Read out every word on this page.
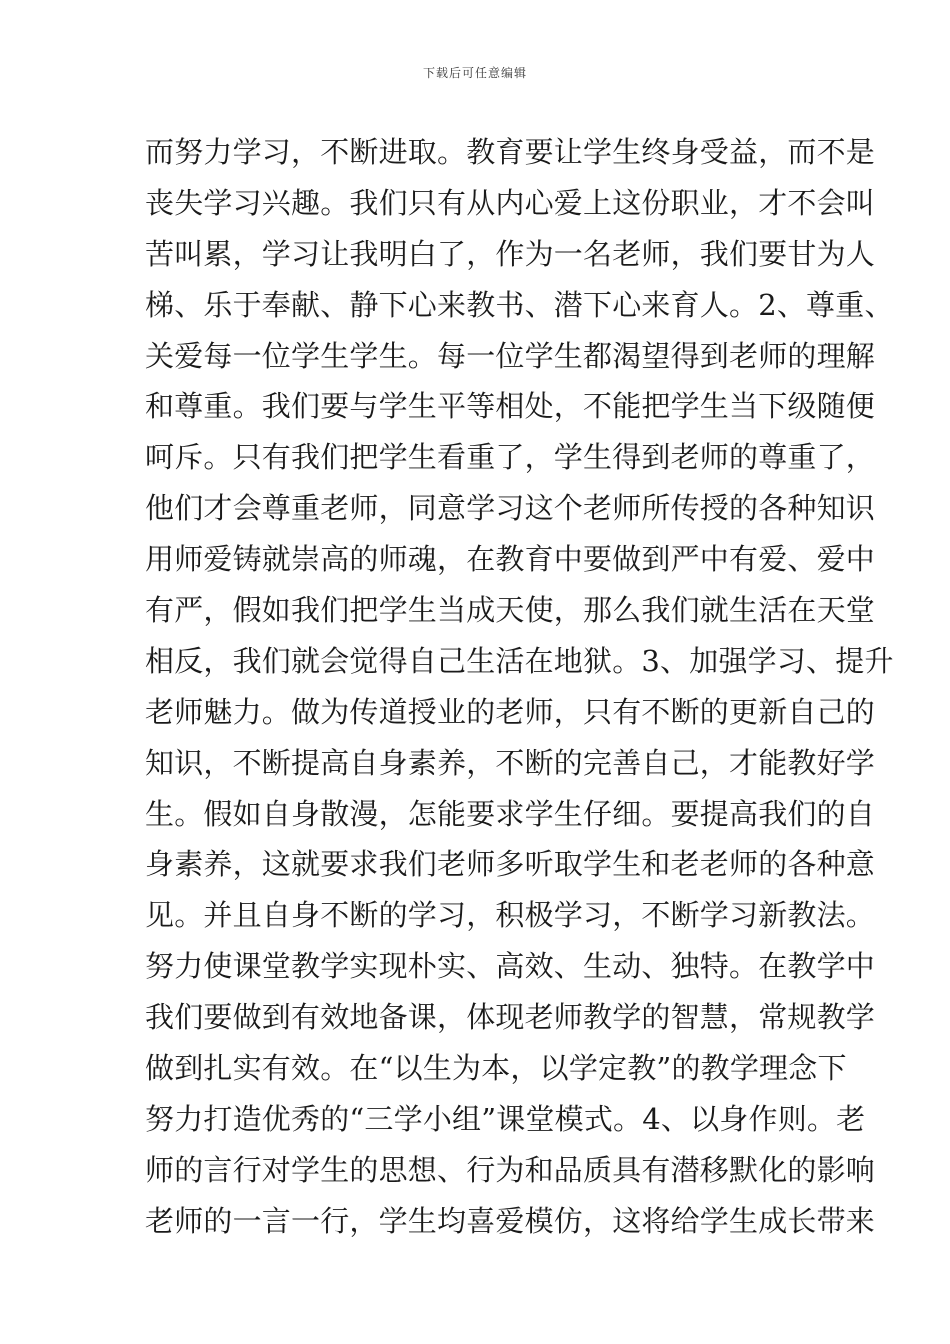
下载后可任意编辑
而努力学习，不断进取。教育要让学生终身受益，而不是
丧失学习兴趣。我们只有从内心爱上这份职业，才不会叫
苦叫累，学习让我明白了，作为一名老师，我们要甘为人
梯、乐于奉献、静下心来教书、潜下心来育人。2、尊重、
关爱每一位学生学生。每一位学生都渴望得到老师的理解
和尊重。我们要与学生平等相处，不能把学生当下级随便
呵斥。只有我们把学生看重了，学生得到老师的尊重了，
他们才会尊重老师，同意学习这个老师所传授的各种知识
用师爱铸就崇高的师魂，在教育中要做到严中有爱、爱中
有严，假如我们把学生当成天使，那么我们就生活在天堂
相反，我们就会觉得自己生活在地狱。3、加强学习、提升
老师魅力。做为传道授业的老师，只有不断的更新自己的
知识，不断提高自身素养，不断的完善自己，才能教好学
生。假如自身散漫，怎能要求学生仔细。要提高我们的自
身素养，这就要求我们老师多听取学生和老老师的各种意
见。并且自身不断的学习，积极学习，不断学习新教法。
努力使课堂教学实现朴实、高效、生动、独特。在教学中
我们要做到有效地备课，体现老师教学的智慧，常规教学
做到扎实有效。在“以生为本，以学定教”的教学理念下
努力打造优秀的“三学小组”课堂模式。4、以身作则。老
师的言行对学生的思想、行为和品质具有潜移默化的影响
老师的一言一行，学生均喜爱模仿，这将给学生成长带来
